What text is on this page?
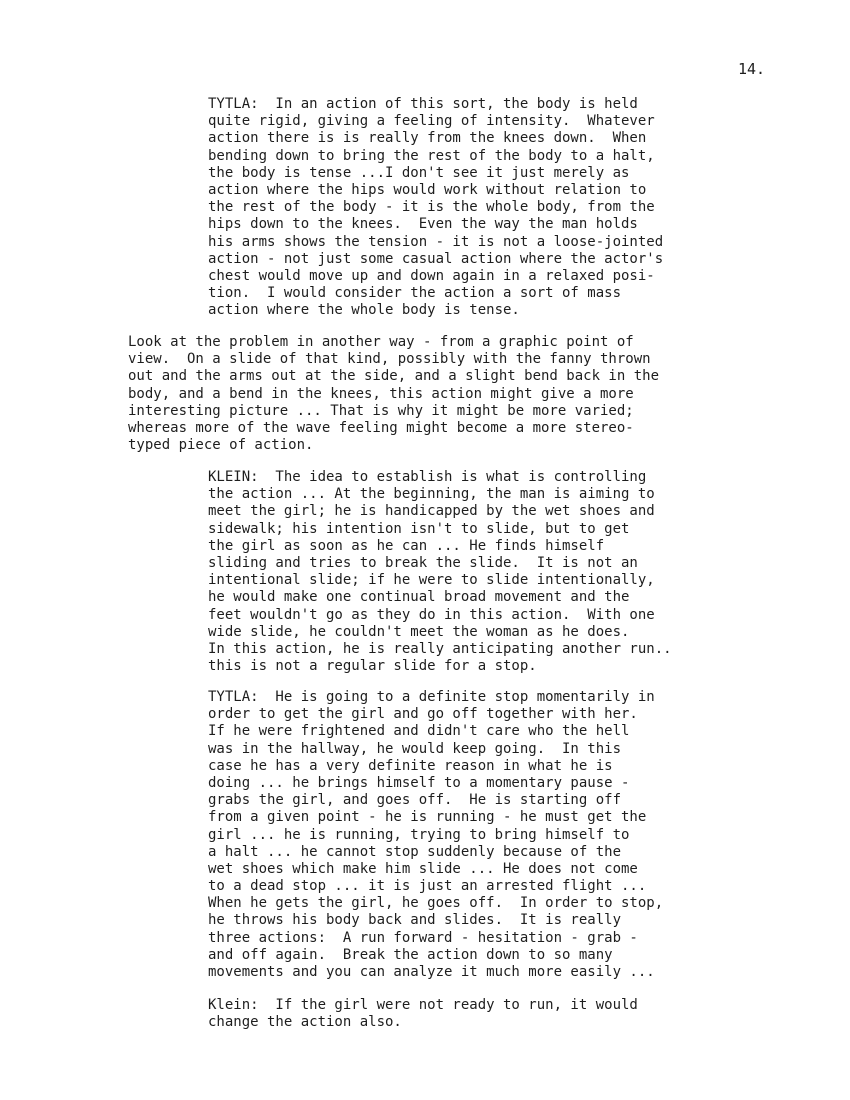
14.
TYTLA:  In an action of this sort, the body is held
quite rigid, giving a feeling of intensity.  Whatever
action there is is really from the knees down.  When
bending down to bring the rest of the body to a halt,
the body is tense ...I don't see it just merely as
action where the hips would work without relation to
the rest of the body - it is the whole body, from the
hips down to the knees.  Even the way the man holds
his arms shows the tension - it is not a loose-jointed
action - not just some casual action where the actor's
chest would move up and down again in a relaxed posi-
tion.  I would consider the action a sort of mass
action where the whole body is tense.
Look at the problem in another way - from a graphic point of
view.  On a slide of that kind, possibly with the fanny thrown
out and the arms out at the side, and a slight bend back in the
body, and a bend in the knees, this action might give a more
interesting picture ... That is why it might be more varied;
whereas more of the wave feeling might become a more stereo-
typed piece of action.
KLEIN:  The idea to establish is what is controlling
the action ... At the beginning, the man is aiming to
meet the girl; he is handicapped by the wet shoes and
sidewalk; his intention isn't to slide, but to get
the girl as soon as he can ... He finds himself
sliding and tries to break the slide.  It is not an
intentional slide; if he were to slide intentionally,
he would make one continual broad movement and the
feet wouldn't go as they do in this action.  With one
wide slide, he couldn't meet the woman as he does.
In this action, he is really anticipating another run..
this is not a regular slide for a stop.
TYTLA:  He is going to a definite stop momentarily in
order to get the girl and go off together with her.
If he were frightened and didn't care who the hell
was in the hallway, he would keep going.  In this
case he has a very definite reason in what he is
doing ... he brings himself to a momentary pause -
grabs the girl, and goes off.  He is starting off
from a given point - he is running - he must get the
girl ... he is running, trying to bring himself to
a halt ... he cannot stop suddenly because of the
wet shoes which make him slide ... He does not come
to a dead stop ... it is just an arrested flight ...
When he gets the girl, he goes off.  In order to stop,
he throws his body back and slides.  It is really
three actions:  A run forward - hesitation - grab -
and off again.  Break the action down to so many
movements and you can analyze it much more easily ...
Klein:  If the girl were not ready to run, it would
change the action also.
